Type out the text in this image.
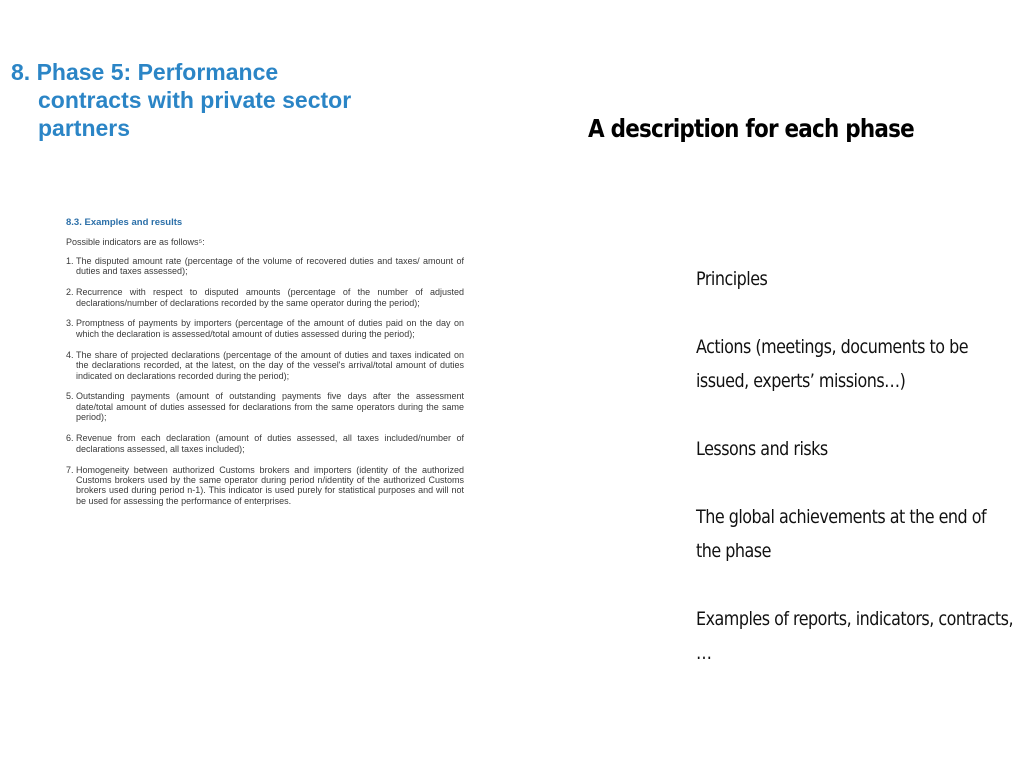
8. Phase 5: Performance
contracts with private sector
partners

8.3. Examples and results

Possible indicators are as follows⁵:

1. The disputed amount rate (percentage of the volume of recovered duties and taxes/ amount of duties and taxes assessed);
2. Recurrence with respect to disputed amounts (percentage of the number of adjusted declarations/number of declarations recorded by the same operator during the period);
3. Promptness of payments by importers (percentage of the amount of duties paid on the day on which the declaration is assessed/total amount of duties assessed during the period);
4. The share of projected declarations (percentage of the amount of duties and taxes indicated on the declarations recorded, at the latest, on the day of the vessel's arrival/total amount of duties indicated on declarations recorded during the period);
5. Outstanding payments (amount of outstanding payments five days after the assessment date/total amount of duties assessed for declarations from the same operators during the same period);
6. Revenue from each declaration (amount of duties assessed, all taxes included/number of declarations assessed, all taxes included);
7. Homogeneity between authorized Customs brokers and importers (identity of the authorized Customs brokers used by the same operator during period n/identity of the authorized Customs brokers used during period n-1). This indicator is used purely for statistical purposes and will not be used for assessing the performance of enterprises.
A description for each phase
Principles
Actions (meetings, documents to be issued, experts’ missions…)
Lessons and risks
The global achievements at the end of the phase
Examples of reports, indicators, contracts, …
